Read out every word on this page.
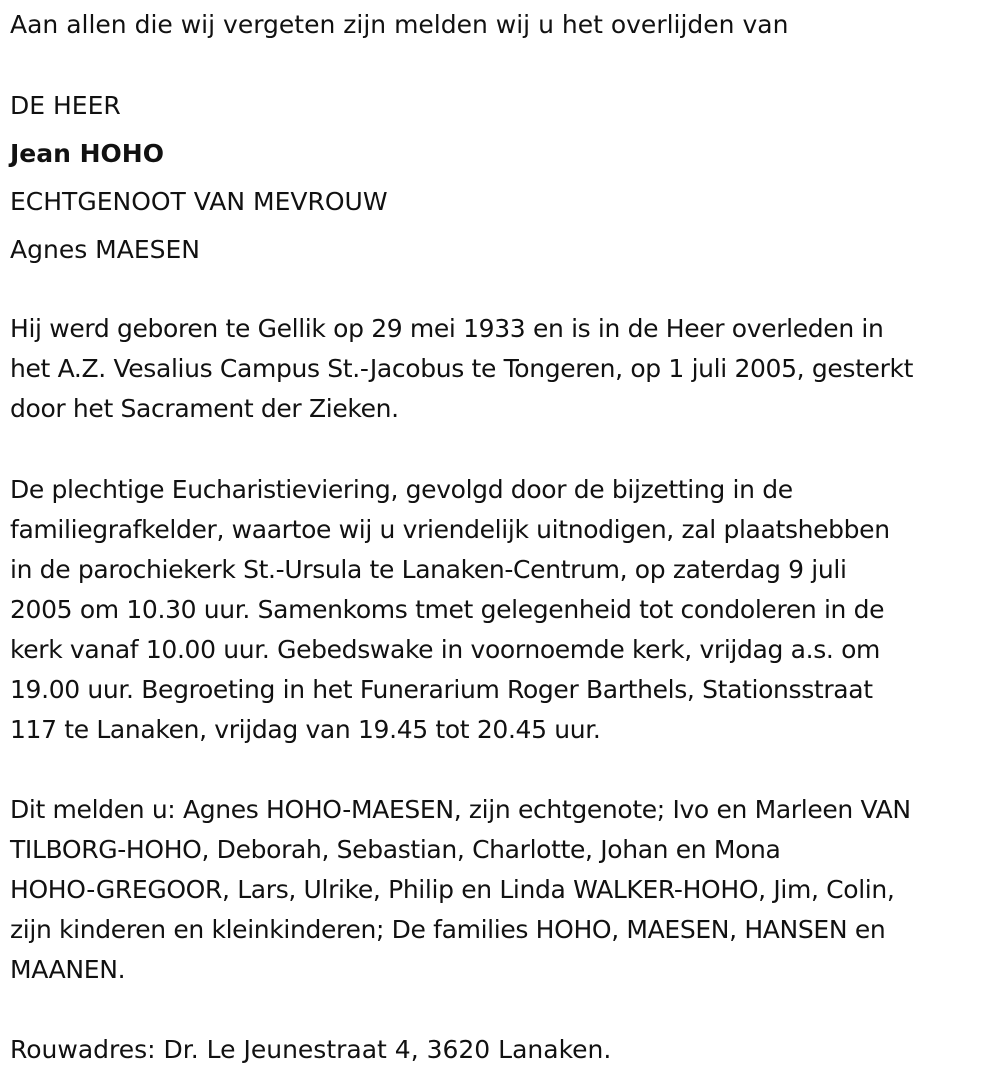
Aan allen die wij vergeten zijn melden wij u het overlijden van
DE HEER
Jean HOHO
ECHTGENOOT VAN MEVROUW
Agnes MAESEN
Hij werd geboren te Gellik op 29 mei 1933 en is in de Heer overleden in
het A.Z. Vesalius Campus St.-Jacobus te Tongeren, op 1 juli 2005, gesterkt
door het Sacrament der Zieken.
De plechtige Eucharistieviering, gevolgd door de bijzetting in de
familiegrafkelder, waartoe wij u vriendelijk uitnodigen, zal plaatshebben
in de parochiekerk St.-Ursula te Lanaken-Centrum, op zaterdag 9 juli
2005 om 10.30 uur. Samenkoms tmet gelegenheid tot condoleren in de
kerk vanaf 10.00 uur. Gebedswake in voornoemde kerk, vrijdag a.s. om
19.00 uur. Begroeting in het Funerarium Roger Barthels, Stationsstraat
117 te Lanaken, vrijdag van 19.45 tot 20.45 uur.
Dit melden u: Agnes HOHO-MAESEN, zijn echtgenote; Ivo en Marleen VAN
TILBORG-HOHO, Deborah, Sebastian, Charlotte, Johan en Mona
HOHO-GREGOOR, Lars, Ulrike, Philip en Linda WALKER-HOHO, Jim, Colin,
zijn kinderen en kleinkinderen; De families HOHO, MAESEN, HANSEN en
MAANEN.
Rouwadres: Dr. Le Jeunestraat 4, 3620 Lanaken.
